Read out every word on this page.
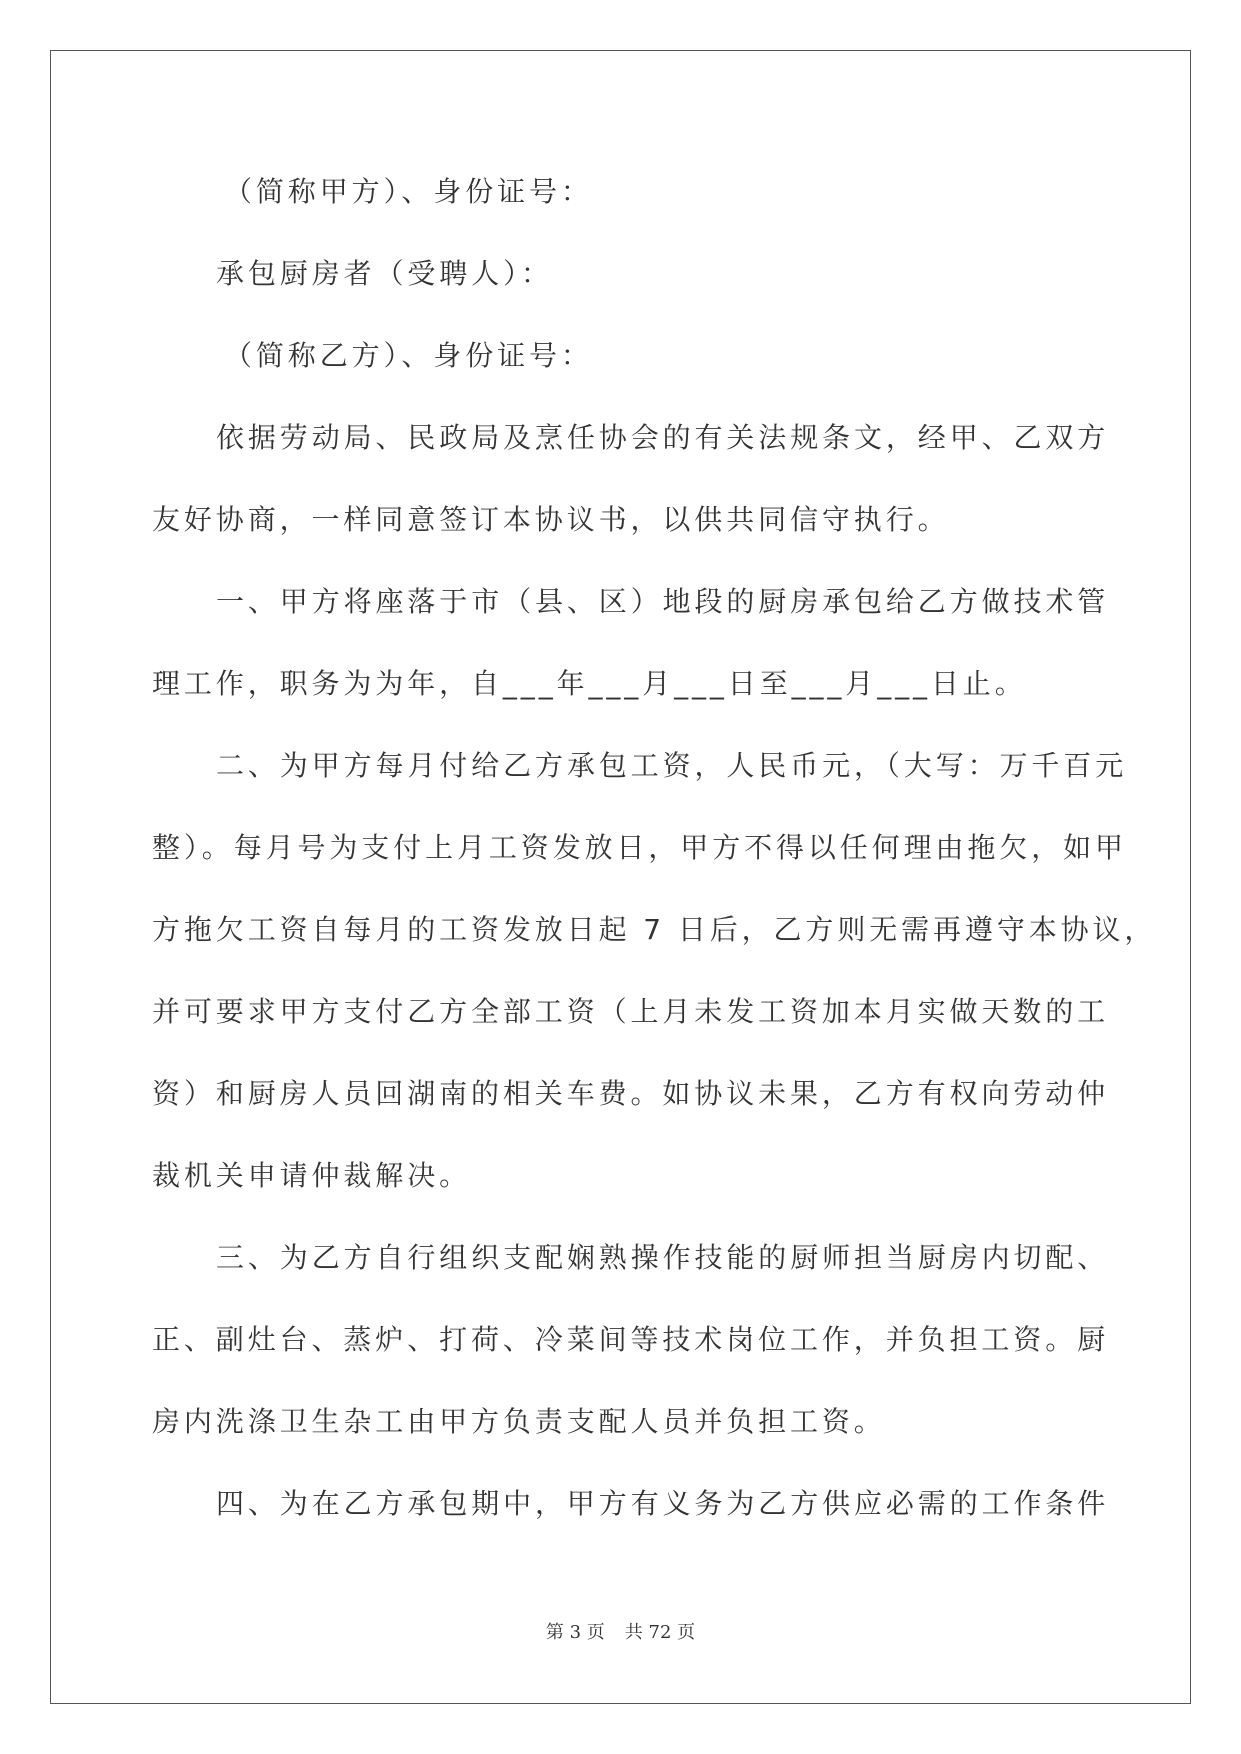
（简称甲方）、身份证号：
承包厨房者（受聘人）：
（简称乙方）、身份证号：
依据劳动局、民政局及烹任协会的有关法规条文，经甲、乙双方
友好协商，一样同意签订本协议书，以供共同信守执行。
一、甲方将座落于市（县、区）地段的厨房承包给乙方做技术管
理工作，职务为为年，自___年___月___日至___月___日止。
二、为甲方每月付给乙方承包工资，人民币元，（大写：万千百元
整）。每月号为支付上月工资发放日，甲方不得以任何理由拖欠，如甲
方拖欠工资自每月的工资发放日起 7 日后，乙方则无需再遵守本协议，
并可要求甲方支付乙方全部工资（上月未发工资加本月实做天数的工
资）和厨房人员回湖南的相关车费。如协议未果，乙方有权向劳动仲
裁机关申请仲裁解决。
三、为乙方自行组织支配娴熟操作技能的厨师担当厨房内切配、
正、副灶台、蒸炉、打荷、冷菜间等技术岗位工作，并负担工资。厨
房内洗涤卫生杂工由甲方负责支配人员并负担工资。
四、为在乙方承包期中，甲方有义务为乙方供应必需的工作条件
第 3 页 共 72 页
